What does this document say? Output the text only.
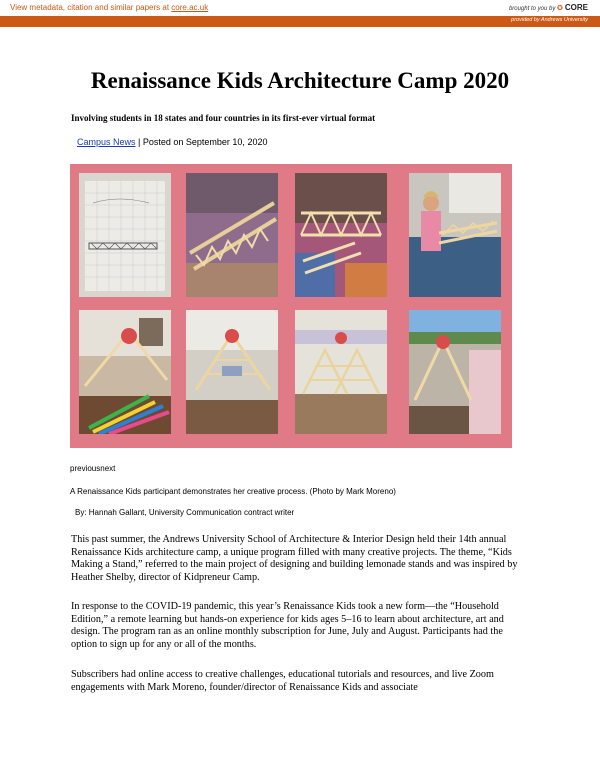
View metadata, citation and similar papers at core.ac.uk	brought to you by ✪ CORE
provided by Andrews University
Renaissance Kids Architecture Camp 2020
Involving students in 18 states and four countries in its first-ever virtual format
Campus News | Posted on September 10, 2020
previousnext
A Renaissance Kids participant demonstrates her creative process. (Photo by Mark Moreno)
By: Hannah Gallant, University Communication contract writer

This past summer, the Andrews University School of Architecture & Interior Design held their 14th annual Renaissance Kids architecture camp, a unique program filled with many creative projects. The theme, “Kids Making a Stand,” referred to the main project of designing and building lemonade stands and was inspired by Heather Shelby, director of Kidpreneur Camp.

In response to the COVID-19 pandemic, this year’s Renaissance Kids took a new form—the “Household Edition,” a remote learning but hands-on experience for kids ages 5–16 to learn about architecture, art and design. The program ran as an online monthly subscription for June, July and August. Participants had the option to sign up for any or all of the months.

Subscribers had online access to creative challenges, educational tutorials and resources, and live Zoom engagements with Mark Moreno, founder/director of Renaissance Kids and associate
